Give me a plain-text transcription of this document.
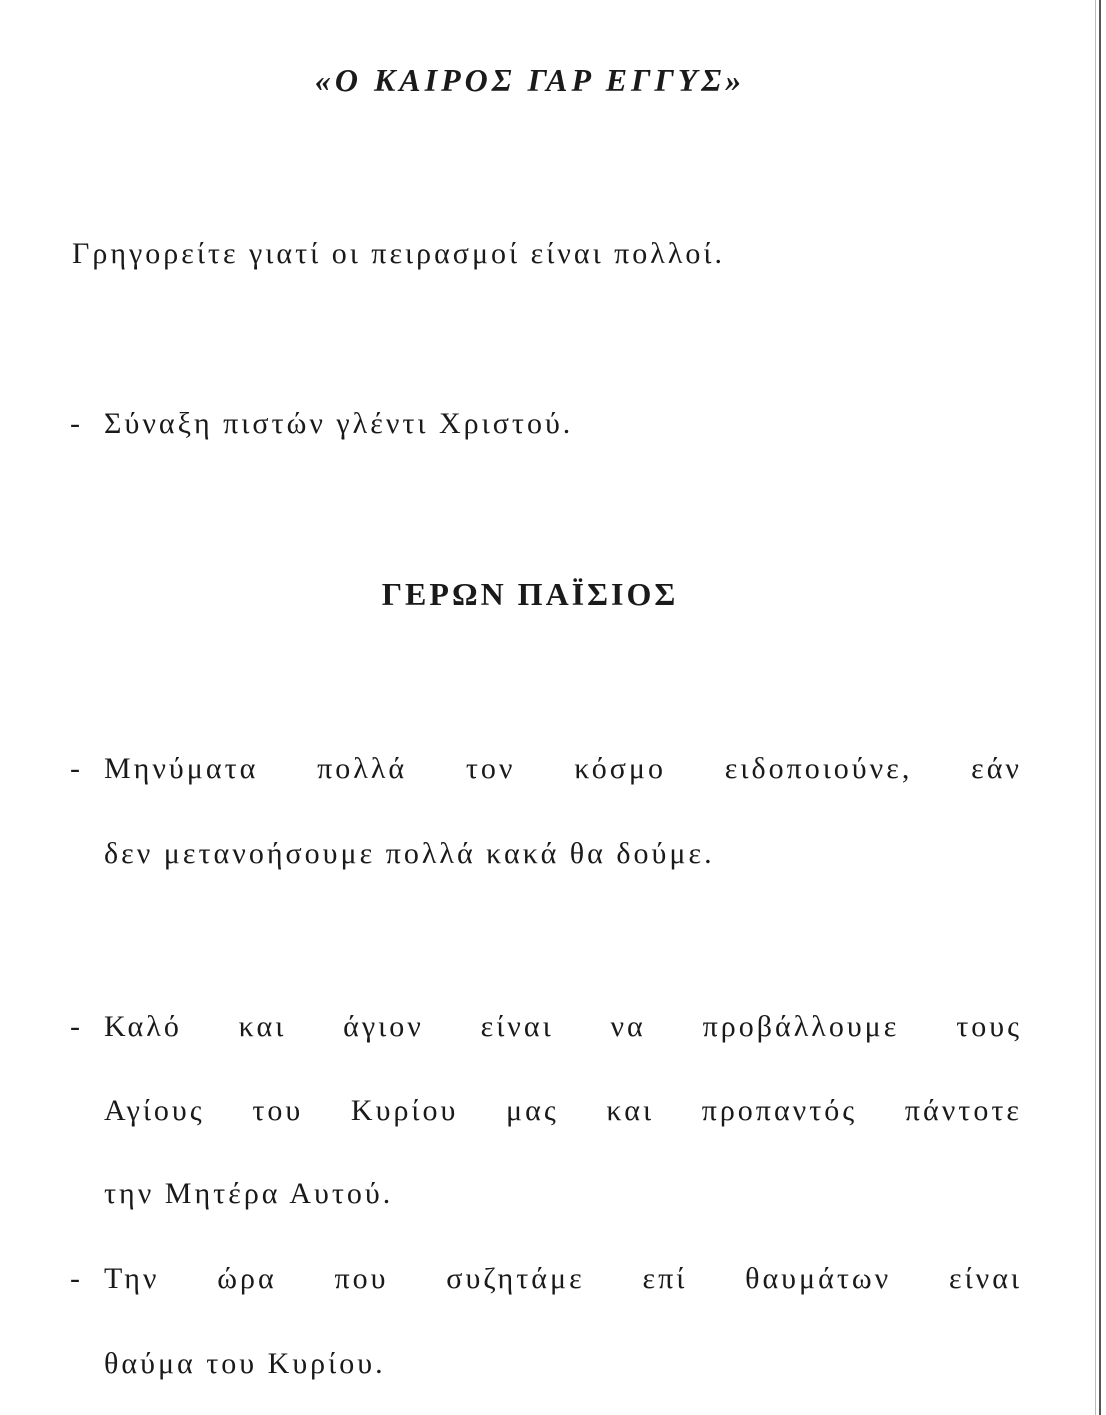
«Ο ΚΑΙΡΟΣ ΓΑΡ ΕΓΓΥΣ»
Γρηγορείτε γιατί οι πειρασμοί είναι πολλοί.
- Σύναξη πιστών γλέντι Χριστού.
ΓΕΡΩΝ ΠΑΪΣΙΟΣ
- Μηνύματα πολλά τον κόσμο ειδοποιούνε, εάν
δεν μετανοήσουμε πολλά κακά θα δούμε.
- Καλό και άγιον είναι να προβάλλουμε τους
Αγίους του Κυρίου μας και προπαντός πάντοτε
την Μητέρα Αυτού.
- Την ώρα που συζητάμε επί θαυμάτων είναι
θαύμα του Κυρίου.
